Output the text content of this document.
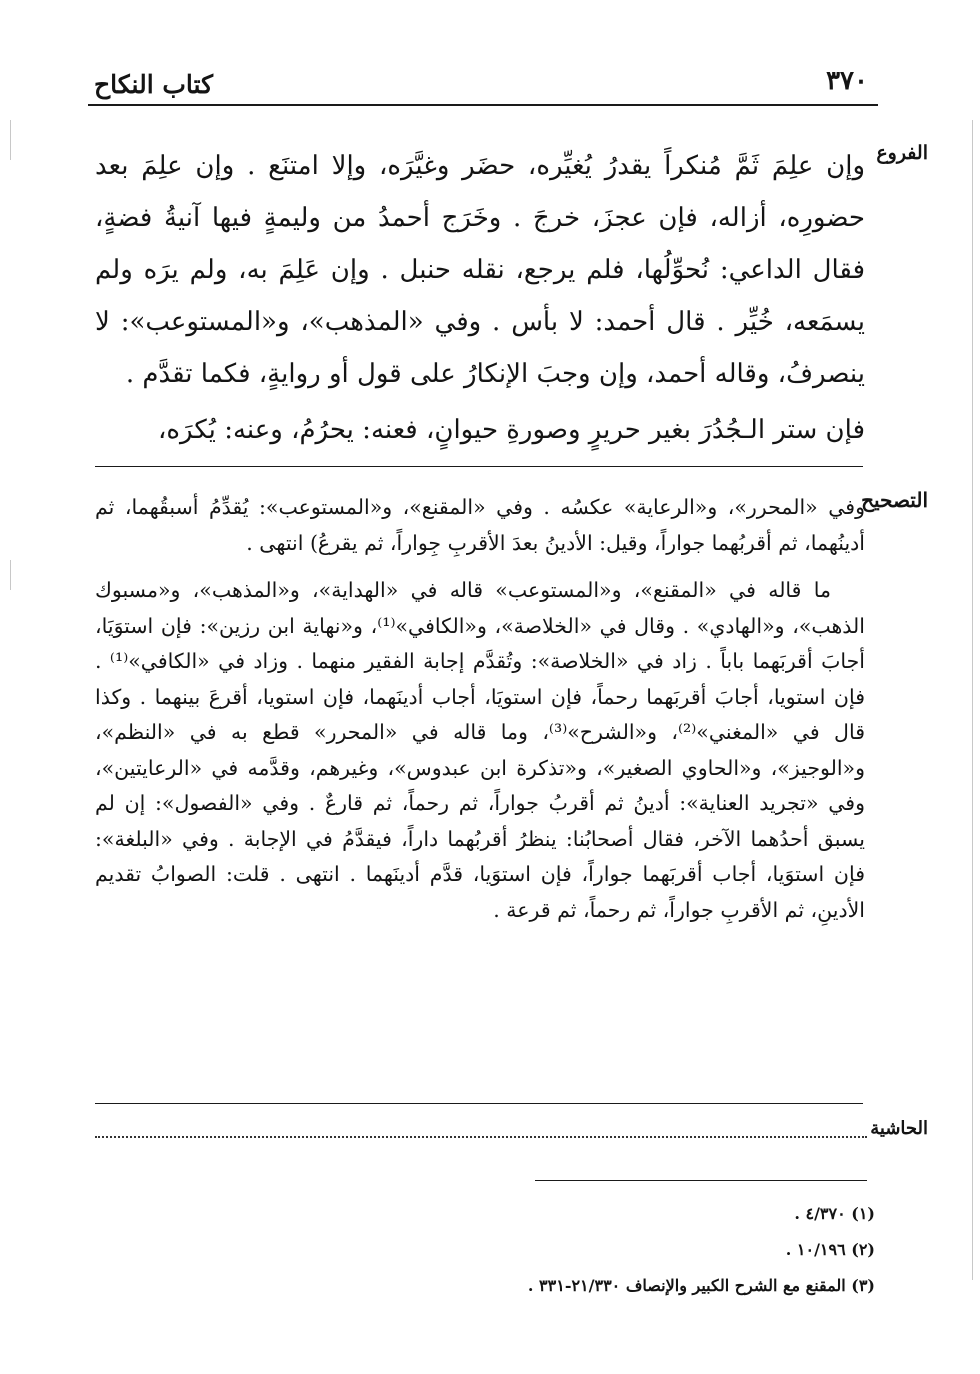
٣٧٠
كتاب النكاح
الفروع

وإن علِمَ ثَمَّ مُنكراً يقدرُ يُغيِّره، حضَر وغيَّرَه، وإلا امتنَع . وإن علِمَ بعد حضورِه، أزاله، فإن عجزَ، خرجَ . وخَرَج أحمدُ من وليمةٍ فيها آنيةُ فضةٍ، فقال الداعي: نُحوِّلُها، فلم يرجع، نقله حنبل . وإن عَلِمَ به، ولم يرَه ولم يسمَعه، خُيِّر . قال أحمد: لا بأس . وفي «المذهب»، و«المستوعب»: لا ينصرفُ، وقاله أحمد، وإن وجبَ الإنكارُ على قول أو روايةٍ، فكما تقدَّم .

فإن ستر الـجُدُرَ بغير حريرٍ وصورةِ حيوانٍ، فعنه: يحرُمُ، وعنه: يُكرَه،

التصحيح

وفي «المحرر»، و«الرعاية» عكسُه . وفي «المقنع»، و«المستوعب»: يُقدِّمُ أسبقُهما، ثم أدينُهما، ثم أقربُهما جواراً، وقيل: الأدينُ بعدَ الأقربِ جِواراً، ثم يقرعُ) انتهى .

ما قاله في «المقنع»، و«المستوعب» قاله في «الهداية»، و«المذهب»، و«مسبوك الذهب»، و«الهادي» . وقال في «الخلاصة»، و«الكافي»⁽¹⁾، و«نهاية ابن رزين»: فإن استوَيَا، أجابَ أقربَهما باباً . زاد في «الخلاصة»: وتُقدَّم إجابة الفقير منهما . وزاد في «الكافي»⁽¹⁾ . فإن استويا، أجابَ أقربَهما رحماً، فإن استويَا، أجاب أدينَهما، فإن استويا، أقرعَ بينهما . وكذا قال في «المغني»⁽²⁾، و«الشرح»⁽³⁾، وما قاله في «المحرر» قطع به في «النظم»، و«الوجيز»، و«الحاوي الصغير»، و«تذكرة ابن عبدوس»، وغيرهم، وقدَّمه في «الرعايتين»، وفي «تجريد العناية»: أدينُ ثم أقربُ جواراً، ثم رحماً، ثم قارعٌ . وفي «الفصول»: إن لم يسبق أحدُهما الآخر، فقال أصحابُنا: ينظرُ أقربُهما داراً، فيقدَّمُ في الإجابة . وفي «البلغة»: فإن استوَيا، أجاب أقربَهما جواراً، فإن استوَيا، قدَّم أدينَهما . انتهى . قلت: الصوابُ تقديم الأدينِ، ثم الأقربِ جواراً، ثم رحماً، ثم قرعة .

الحاشية
(١) ٤/٣٧٠ .
(٢) ١٠/١٩٦ .
(٣) المقنع مع الشرح الكبير والإنصاف ٢١/٣٣٠-٣٣١ .
